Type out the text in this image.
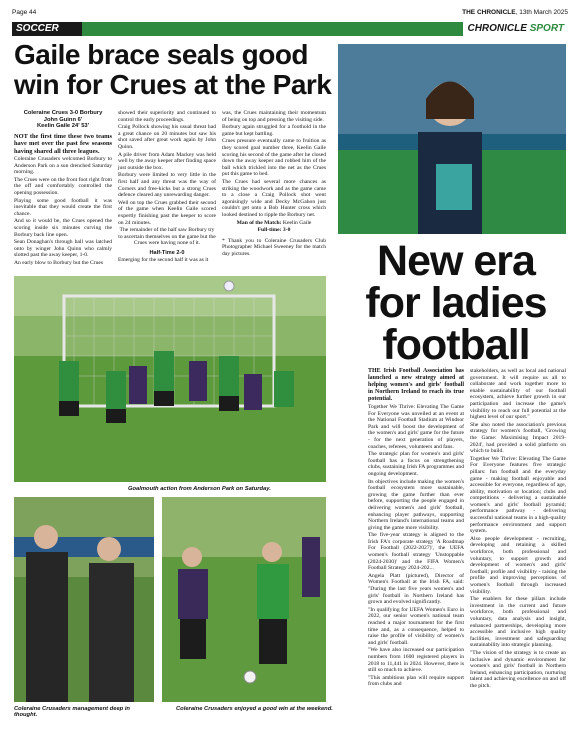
Page 44	THE CHRONICLE, 13th March 2025
SOCCER	CHRONICLE SPORT
Gaile brace seals good win for Crues at the Park
Coleraine Crues 3-0 Borbury
John Guinn 6'
Keelin Gaile 24' 53'

NOT the first time these two teams have met over the past few seasons having shared all three leagues.

Coleraine Crusaders welcomed Borbury to Anderson Park on a sun drenched Saturday morning.

The Crues were on the front foot right from the off and comfortably controlled the opening possession.

Playing some good football it was inevitable that they would create the first chance.

And so it would be, the Crues opened the scoring inside six minutes curving the Borbury back line open.

Sean Donaghan's through ball was latched onto by winger John Quinn who calmly slotted past the away keeper, 1-0.

An early blow to Borbury but the Crues

showed their superiority and continued to control the early proceedings.

Craig Pollock showing his usual threat had a great chance on 20 minutes but saw his shot saved after great work again by John Quinn.

A pile driver from Adam Mackey was held well by the away keeper after finding space just outside the box.

Borbury were limited to very little in the first half and any threat was the way of Corners and free-kicks but a strong Crues defence cleared any unrewarding danger.

Well on top the Crues grabbed their second of the game when Keelin Gaile scored expertly finishing past the keeper to score on 24 minutes.

The remainder of the half saw Borbury try to ascertain themselves on the game but the Crues were having none of it.

Half-Time 2-0

Emerging for the second half it was as it

was, the Crues maintaining their momentum of being on top and pressing the visiting side.

Borbury again struggled for a foothold in the game but kept battling.

Crues pressure eventually came to fruition as they scored goal number three, Keelin Gaile scoring his second of the game after he closed down the away keeper and robbed him of the ball which trickled into the net as the Crues put this game to bed.

The Crues had several more chances as striking the woodwork and as the game came to a close a Craig Pollock shot went agonisingly wide and Decky McGahon just couldn't get onto a Bob Hunter cross which looked destined to ripple the Borbury net.

Man of the Match: Keelin Gaile

Full-time: 3-0

* Thank you to Coleraine Crusaders Club Photographer Michael Sweeney for the match day pictures.

Goalmouth action from Anderson Park on Saturday.
Coleraine Crusaders management deep in thought.
Coleraine Crusaders enjoyed a good win at the weekend.
New era for ladies football

THE Irish Football Association has launched a new strategy aimed at helping women's and girls' football in Northern Ireland to reach its true potential.

Together We Thrive: Elevating The Game For Everyone was unveiled at an event at the National Football Stadium at Windsor Park and will boost the development of the women's and girls' game for the future - for the next generation of players, coaches, referees, volunteers and fans.

The strategic plan for women's and girls' football has a focus on strengthening clubs, sustaining Irish FA programmes and ongoing development.

Its objectives include making the women's football ecosystem more sustainable, growing the game further than ever before, supporting the people engaged in delivering women's and girls' football, enhancing player pathways, supporting Northern Ireland's international teams and giving the game more visibility.

The five-year strategy is aligned to the Irish FA's corporate strategy 'A Roadmap For Football (2022-2027)', the UEFA women's football strategy 'Unstoppable (2024-2030)' and the FIFA Women's Football Strategy 2024-202...

Angela Platt (pictured), Director of Women's Football at the Irish FA, said: "During the last five years women's and girls' football in Northern Ireland has grown and evolved significantly.

"In qualifying for UEFA Women's Euro in 2022, our senior women's national team reached a major tournament for the first time and, as a consequence, helped to raise the profile of visibility of women's and girls' football.

"We have also increased our participation numbers from 1600 registered players in 2018 to 11,441 in 2024. However, there is still so much to achieve.

"This ambitious plan will require support from clubs and

stakeholders, as well as local and national government. It will require us all to collaborate and work together more to enable sustainability of our football ecosystem, achieve further growth in our participation and increase the game's visibility to reach our full potential at the highest level of our sport."

She also noted the association's previous strategy for women's football, 'Growing the Game: Maximising Impact 2019-2024', had provided a solid platform on which to build.

Together We Thrive: Elevating The Game For Everyone features five strategic pillars: fun football and the everyday game - making football enjoyable and accessible for everyone, regardless of age, ability, motivation or location; clubs and competitions - delivering a sustainable women's and girls' football pyramid; performance pathway - delivering successful national teams in a high-quality performance environment and support system.

Also people development - recruiting, developing and retaining a skilled workforce, both professional and voluntary, to support growth and development of women's and girls' football; profile and visibility - raising the profile and improving perceptions of women's football through increased visibility.

The enablers for these pillars include investment in the current and future workforce, both professional and voluntary, data analysis and insight, enhanced partnerships, developing more accessible and inclusive high quality facilities, investment and safeguarding sustainability into strategic planning.

"The vision of the strategy is to create an inclusive and dynamic environment for women's and girls' football in Northern Ireland, enhancing participation, nurturing talent and achieving excellence on and off the pitch.
